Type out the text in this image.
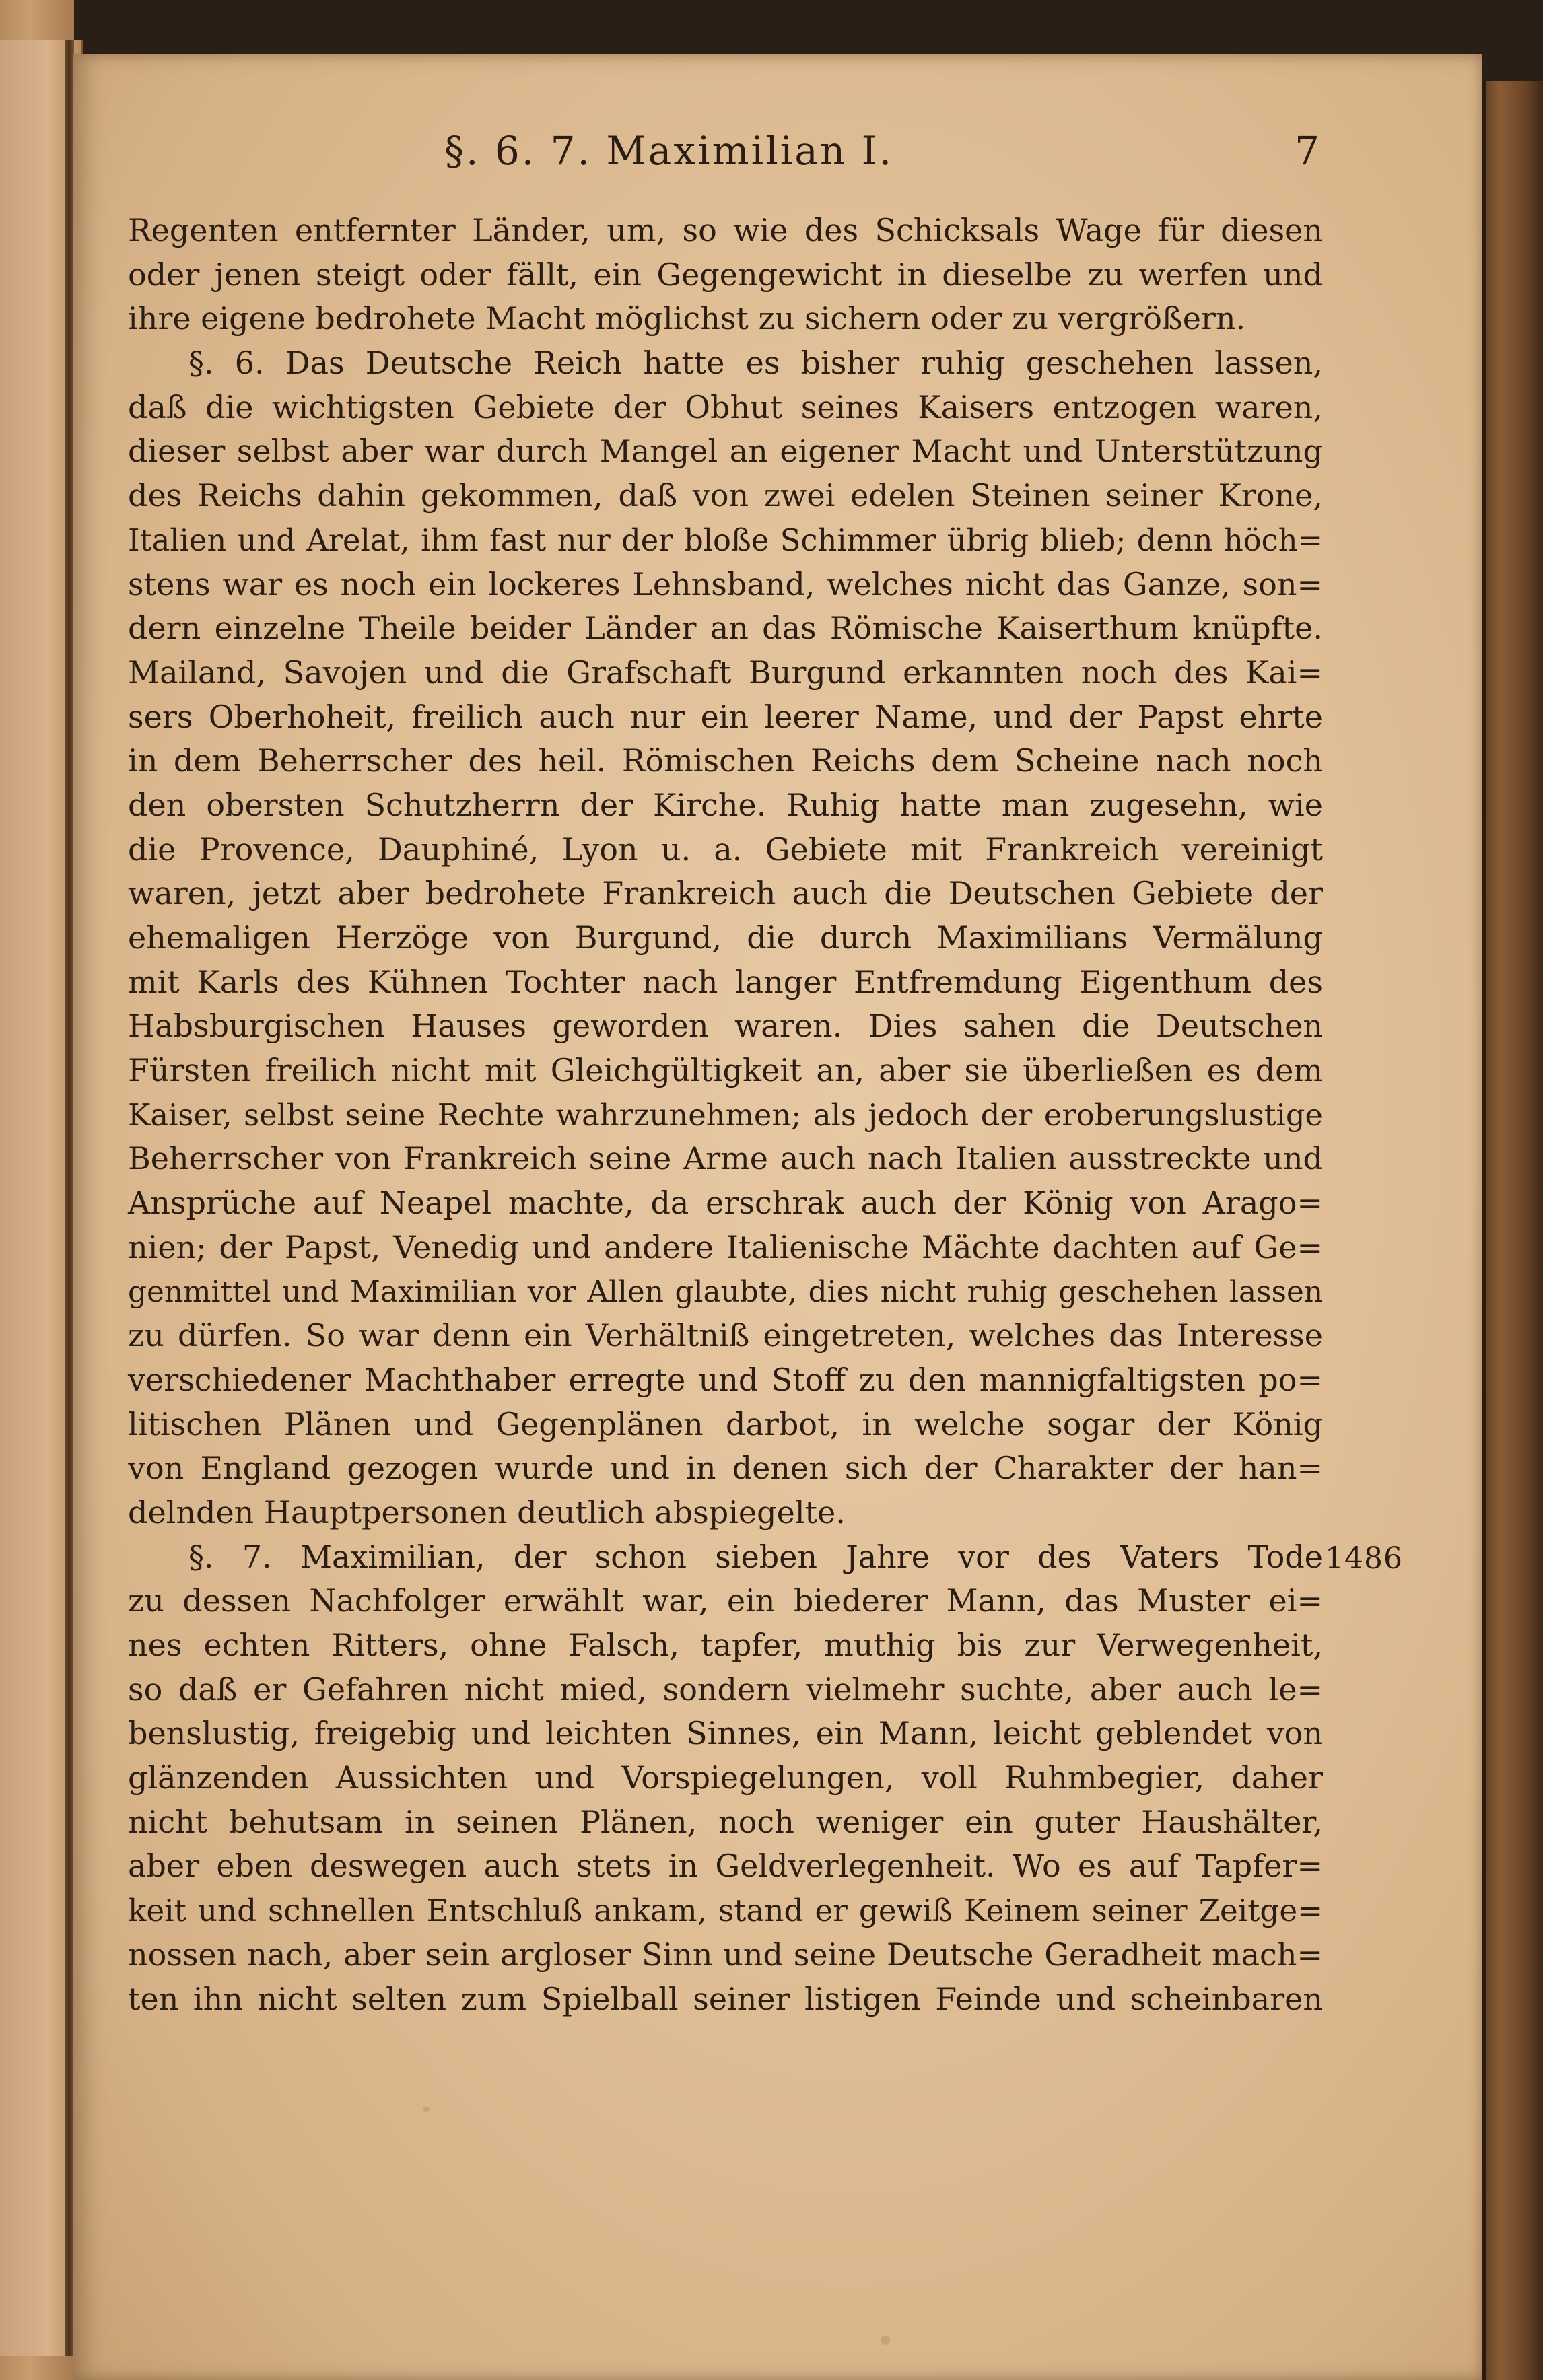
§. 6. 7. Maximilian I.	7
Regenten entfernter Länder, um, so wie des Schicksals Wage für diesen
oder jenen steigt oder fällt, ein Gegengewicht in dieselbe zu werfen und
ihre eigene bedrohete Macht möglichst zu sichern oder zu vergrößern.
§. 6. Das Deutsche Reich hatte es bisher ruhig geschehen lassen,
daß die wichtigsten Gebiete der Obhut seines Kaisers entzogen waren,
dieser selbst aber war durch Mangel an eigener Macht und Unterstützung
des Reichs dahin gekommen, daß von zwei edelen Steinen seiner Krone,
Italien und Arelat, ihm fast nur der bloße Schimmer übrig blieb; denn höch=
stens war es noch ein lockeres Lehnsband, welches nicht das Ganze, son=
dern einzelne Theile beider Länder an das Römische Kaiserthum knüpfte.
Mailand, Savojen und die Grafschaft Burgund erkannten noch des Kai=
sers Oberhoheit, freilich auch nur ein leerer Name, und der Papst ehrte
in dem Beherrscher des heil. Römischen Reichs dem Scheine nach noch
den obersten Schutzherrn der Kirche. Ruhig hatte man zugesehn, wie
die Provence, Dauphiné, Lyon u. a. Gebiete mit Frankreich vereinigt
waren, jetzt aber bedrohete Frankreich auch die Deutschen Gebiete der
ehemaligen Herzöge von Burgund, die durch Maximilians Vermälung
mit Karls des Kühnen Tochter nach langer Entfremdung Eigenthum des
Habsburgischen Hauses geworden waren. Dies sahen die Deutschen
Fürsten freilich nicht mit Gleichgültigkeit an, aber sie überließen es dem
Kaiser, selbst seine Rechte wahrzunehmen; als jedoch der eroberungslustige
Beherrscher von Frankreich seine Arme auch nach Italien ausstreckte und
Ansprüche auf Neapel machte, da erschrak auch der König von Arago=
nien; der Papst, Venedig und andere Italienische Mächte dachten auf Ge=
genmittel und Maximilian vor Allen glaubte, dies nicht ruhig geschehen lassen
zu dürfen. So war denn ein Verhältniß eingetreten, welches das Interesse
verschiedener Machthaber erregte und Stoff zu den mannigfaltigsten po=
litischen Plänen und Gegenplänen darbot, in welche sogar der König
von England gezogen wurde und in denen sich der Charakter der han=
delnden Hauptpersonen deutlich abspiegelte.
§. 7. Maximilian, der schon sieben Jahre vor des Vaters Tode
zu dessen Nachfolger erwählt war, ein biederer Mann, das Muster ei=
nes echten Ritters, ohne Falsch, tapfer, muthig bis zur Verwegenheit,
so daß er Gefahren nicht mied, sondern vielmehr suchte, aber auch le=
benslustig, freigebig und leichten Sinnes, ein Mann, leicht geblendet von
glänzenden Aussichten und Vorspiegelungen, voll Ruhmbegier, daher
nicht behutsam in seinen Plänen, noch weniger ein guter Haushälter,
aber eben deswegen auch stets in Geldverlegenheit. Wo es auf Tapfer=
keit und schnellen Entschluß ankam, stand er gewiß Keinem seiner Zeitge=
nossen nach, aber sein argloser Sinn und seine Deutsche Geradheit mach=
ten ihn nicht selten zum Spielball seiner listigen Feinde und scheinbaren
1486
